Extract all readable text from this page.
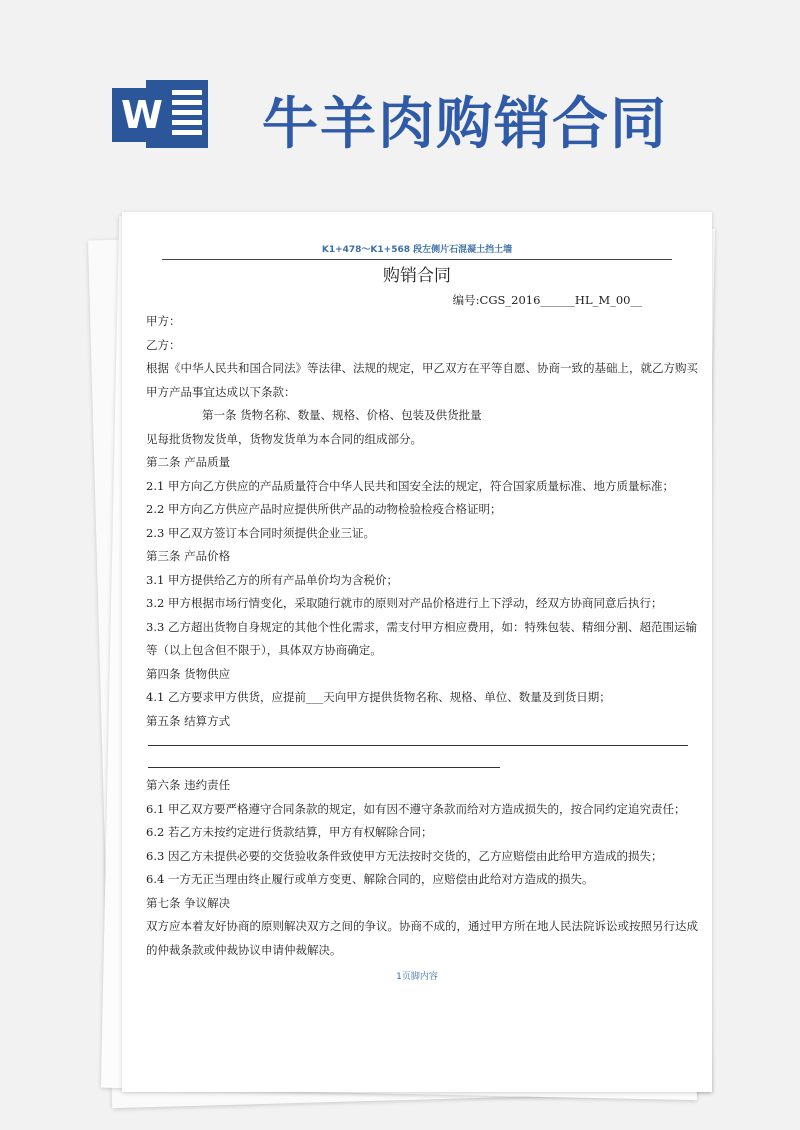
W 牛羊肉购销合同
K1+478～K1+568 段左侧片石混凝土挡土墙
购销合同
编号:CGS_2016______HL_M_00__
甲方：
乙方：
根据《中华人民共和国合同法》等法律、法规的规定，甲乙双方在平等自愿、协商一致的基础上，就乙方购买甲方产品事宜达成以下条款：
第一条 货物名称、数量、规格、价格、包装及供货批量
见每批货物发货单，货物发货单为本合同的组成部分。
第二条 产品质量
2.1 甲方向乙方供应的产品质量符合中华人民共和国安全法的规定，符合国家质量标准、地方质量标准；
2.2 甲方向乙方供应产品时应提供所供产品的动物检验检疫合格证明；
2.3 甲乙双方签订本合同时须提供企业三证。
第三条 产品价格
3.1 甲方提供给乙方的所有产品单价均为含税价；
3.2 甲方根据市场行情变化，采取随行就市的原则对产品价格进行上下浮动，经双方协商同意后执行；
3.3 乙方超出货物自身规定的其他个性化需求，需支付甲方相应费用，如：特殊包装、精细分割、超范围运输等（以上包含但不限于），具体双方协商确定。
第四条 货物供应
4.1 乙方要求甲方供货，应提前___天向甲方提供货物名称、规格、单位、数量及到货日期；
第五条 结算方式
第六条 违约责任
6.1 甲乙双方要严格遵守合同条款的规定，如有因不遵守条款而给对方造成损失的，按合同约定追究责任；
6.2 若乙方未按约定进行货款结算，甲方有权解除合同；
6.3 因乙方未提供必要的交货验收条件致使甲方无法按时交货的，乙方应赔偿由此给甲方造成的损失；
6.4 一方无正当理由终止履行或单方变更、解除合同的，应赔偿由此给对方造成的损失。
第七条 争议解决
双方应本着友好协商的原则解决双方之间的争议。协商不成的，通过甲方所在地人民法院诉讼或按照另行达成的仲裁条款或仲裁协议申请仲裁解决。
1页脚内容
